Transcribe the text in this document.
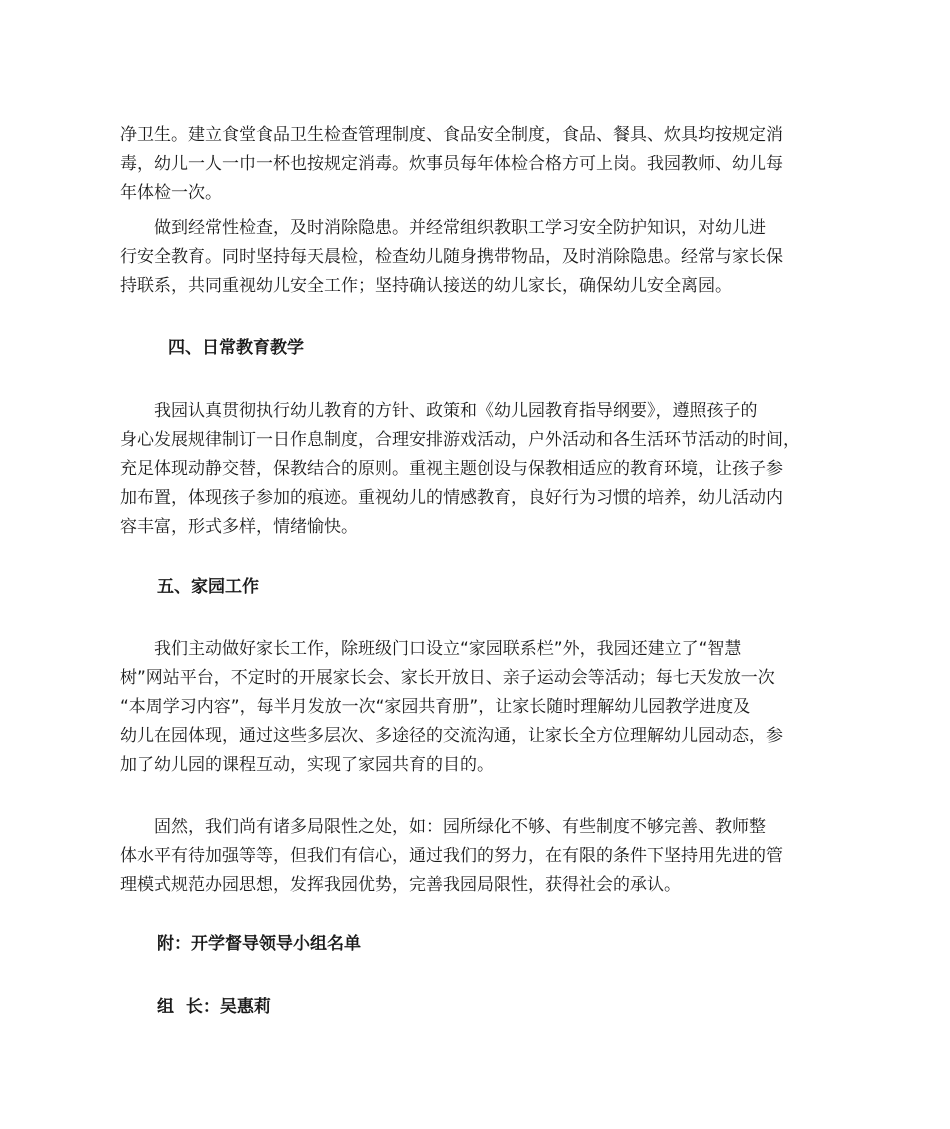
净卫生。建立食堂食品卫生检查管理制度、食品安全制度，食品、餐具、炊具均按规定消
毒，幼儿一人一巾一杯也按规定消毒。炊事员每年体检合格方可上岗。我园教师、幼儿每
年体检一次。
　　做到经常性检查，及时消除隐患。并经常组织教职工学习安全防护知识，对幼儿进
行安全教育。同时坚持每天晨检，检查幼儿随身携带物品，及时消除隐患。经常与家长保
持联系，共同重视幼儿安全工作；坚持确认接送的幼儿家长，确保幼儿安全离园。
四、日常教育教学
　　我园认真贯彻执行幼儿教育的方针、政策和《幼儿园教育指导纲要》，遵照孩子的
身心发展规律制订一日作息制度，合理安排游戏活动，户外活动和各生活环节活动的时间，
充足体现动静交替，保教结合的原则。重视主题创设与保教相适应的教育环境，让孩子参
加布置，体现孩子参加的痕迹。重视幼儿的情感教育，良好行为习惯的培养，幼儿活动内
容丰富，形式多样，情绪愉快。
五、家园工作
　　我们主动做好家长工作，除班级门口设立“家园联系栏”外，我园还建立了“智慧
树”网站平台，不定时的开展家长会、家长开放日、亲子运动会等活动；每七天发放一次
“本周学习内容”，每半月发放一次“家园共育册”，让家长随时理解幼儿园教学进度及
幼儿在园体现，通过这些多层次、多途径的交流沟通，让家长全方位理解幼儿园动态，参
加了幼儿园的课程互动，实现了家园共育的目的。
　　固然，我们尚有诸多局限性之处，如：园所绿化不够、有些制度不够完善、教师整
体水平有待加强等等，但我们有信心，通过我们的努力，在有限的条件下坚持用先进的管
理模式规范办园思想，发挥我园优势，完善我园局限性，获得社会的承认。
附：开学督导领导小组名单
组  长：吴惠莉
